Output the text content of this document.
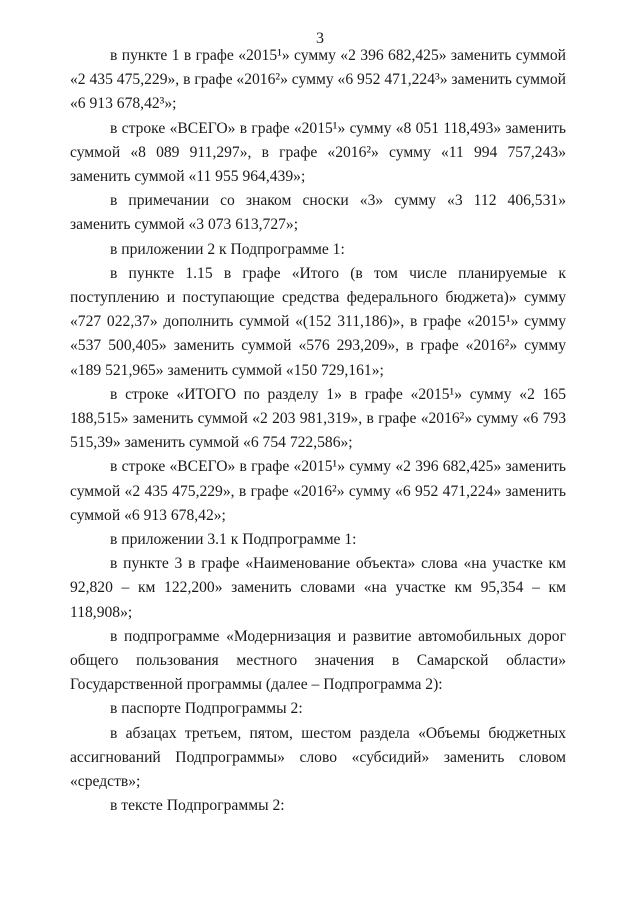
3

в пункте 1 в графе «2015¹» сумму «2 396 682,425» заменить суммой «2 435 475,229», в графе «2016²» сумму «6 952 471,224³» заменить суммой «6 913 678,42³»;

в строке «ВСЕГО» в графе «2015¹» сумму «8 051 118,493» заменить суммой «8 089 911,297», в графе «2016²» сумму «11 994 757,243» заменить суммой «11 955 964,439»;

в примечании со знаком сноски «3» сумму «3 112 406,531» заменить суммой «3 073 613,727»;

в приложении 2 к Подпрограмме 1:

в пункте 1.15 в графе «Итого (в том числе планируемые к поступлению и поступающие средства федерального бюджета)» сумму «727 022,37» дополнить суммой «(152 311,186)», в графе «2015¹» сумму «537 500,405» заменить суммой «576 293,209», в графе «2016²» сумму «189 521,965» заменить суммой «150 729,161»;

в строке «ИТОГО по разделу 1» в графе «2015¹» сумму «2 165 188,515» заменить суммой «2 203 981,319», в графе «2016²» сумму «6 793 515,39» заменить суммой «6 754 722,586»;

в строке «ВСЕГО» в графе «2015¹» сумму «2 396 682,425» заменить суммой «2 435 475,229», в графе «2016²» сумму «6 952 471,224» заменить суммой «6 913 678,42»;

в приложении 3.1 к Подпрограмме 1:

в пункте 3 в графе «Наименование объекта» слова «на участке км 92,820 – км 122,200» заменить словами «на участке км 95,354 – км 118,908»;

в подпрограмме «Модернизация и развитие автомобильных дорог общего пользования местного значения в Самарской области» Государственной программы (далее – Подпрограмма 2):

в паспорте Подпрограммы 2:

в абзацах третьем, пятом, шестом раздела «Объемы бюджетных ассигнований Подпрограммы» слово «субсидий» заменить словом «средств»;

в тексте Подпрограммы 2:
